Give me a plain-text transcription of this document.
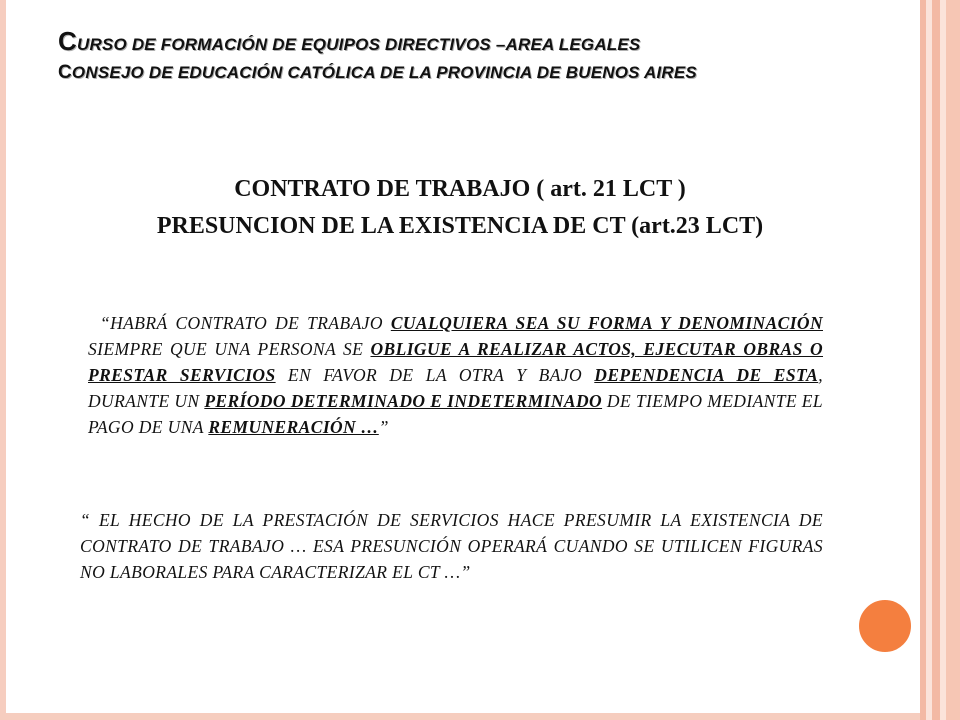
CURSO DE FORMACIÓN DE EQUIPOS DIRECTIVOS –AREA LEGALES
CONSEJO DE EDUCACIÓN CATÓLICA DE LA PROVINCIA DE BUENOS AIRES
CONTRATO DE TRABAJO ( art. 21 LCT )
PRESUNCION DE LA EXISTENCIA DE CT (art.23 LCT)
“HABRÁ CONTRATO DE TRABAJO CUALQUIERA SEA SU FORMA Y DENOMINACIÓN SIEMPRE QUE UNA PERSONA SE OBLIGUE A REALIZAR ACTOS, EJECUTAR OBRAS O PRESTAR SERVICIOS EN FAVOR DE LA OTRA Y BAJO DEPENDENCIA DE ESTA, DURANTE UN PERÍODO DETERMINADO E INDETERMINADO DE TIEMPO MEDIANTE EL PAGO DE UNA REMUNERACIÓN …”
“ EL HECHO DE LA PRESTACIÓN DE SERVICIOS HACE PRESUMIR LA EXISTENCIA DE CONTRATO DE TRABAJO … ESA PRESUNCIÓN OPERARÁ CUANDO SE UTILICEN FIGURAS NO LABORALES PARA CARACTERIZAR EL CT …”
